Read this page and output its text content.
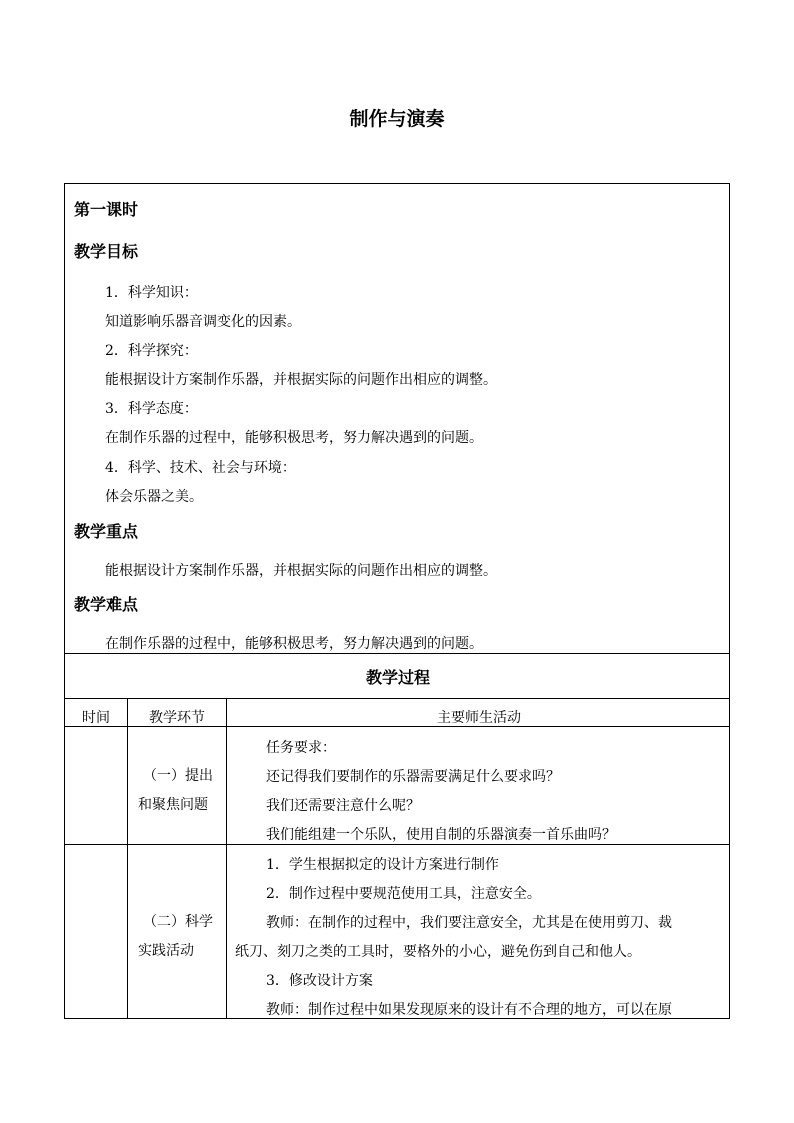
制作与演奏
第一课时
教学目标
1．科学知识：
知道影响乐器音调变化的因素。
2．科学探究：
能根据设计方案制作乐器，并根据实际的问题作出相应的调整。
3．科学态度：
在制作乐器的过程中，能够积极思考，努力解决遇到的问题。
4．科学、技术、社会与环境：
体会乐器之美。
教学重点
能根据设计方案制作乐器，并根据实际的问题作出相应的调整。
教学难点
在制作乐器的过程中，能够积极思考，努力解决遇到的问题。
教学过程
时间	教学环节	主要师生活动
（一）提出
和聚焦问题
任务要求：
还记得我们要制作的乐器需要满足什么要求吗？
我们还需要注意什么呢？
我们能组建一个乐队，使用自制的乐器演奏一首乐曲吗？
（二）科学
实践活动
1．学生根据拟定的设计方案进行制作
2．制作过程中要规范使用工具，注意安全。
教师：在制作的过程中，我们要注意安全，尤其是在使用剪刀、裁
纸刀、刻刀之类的工具时，要格外的小心，避免伤到自己和他人。
3．修改设计方案
教师：制作过程中如果发现原来的设计有不合理的地方，可以在原
